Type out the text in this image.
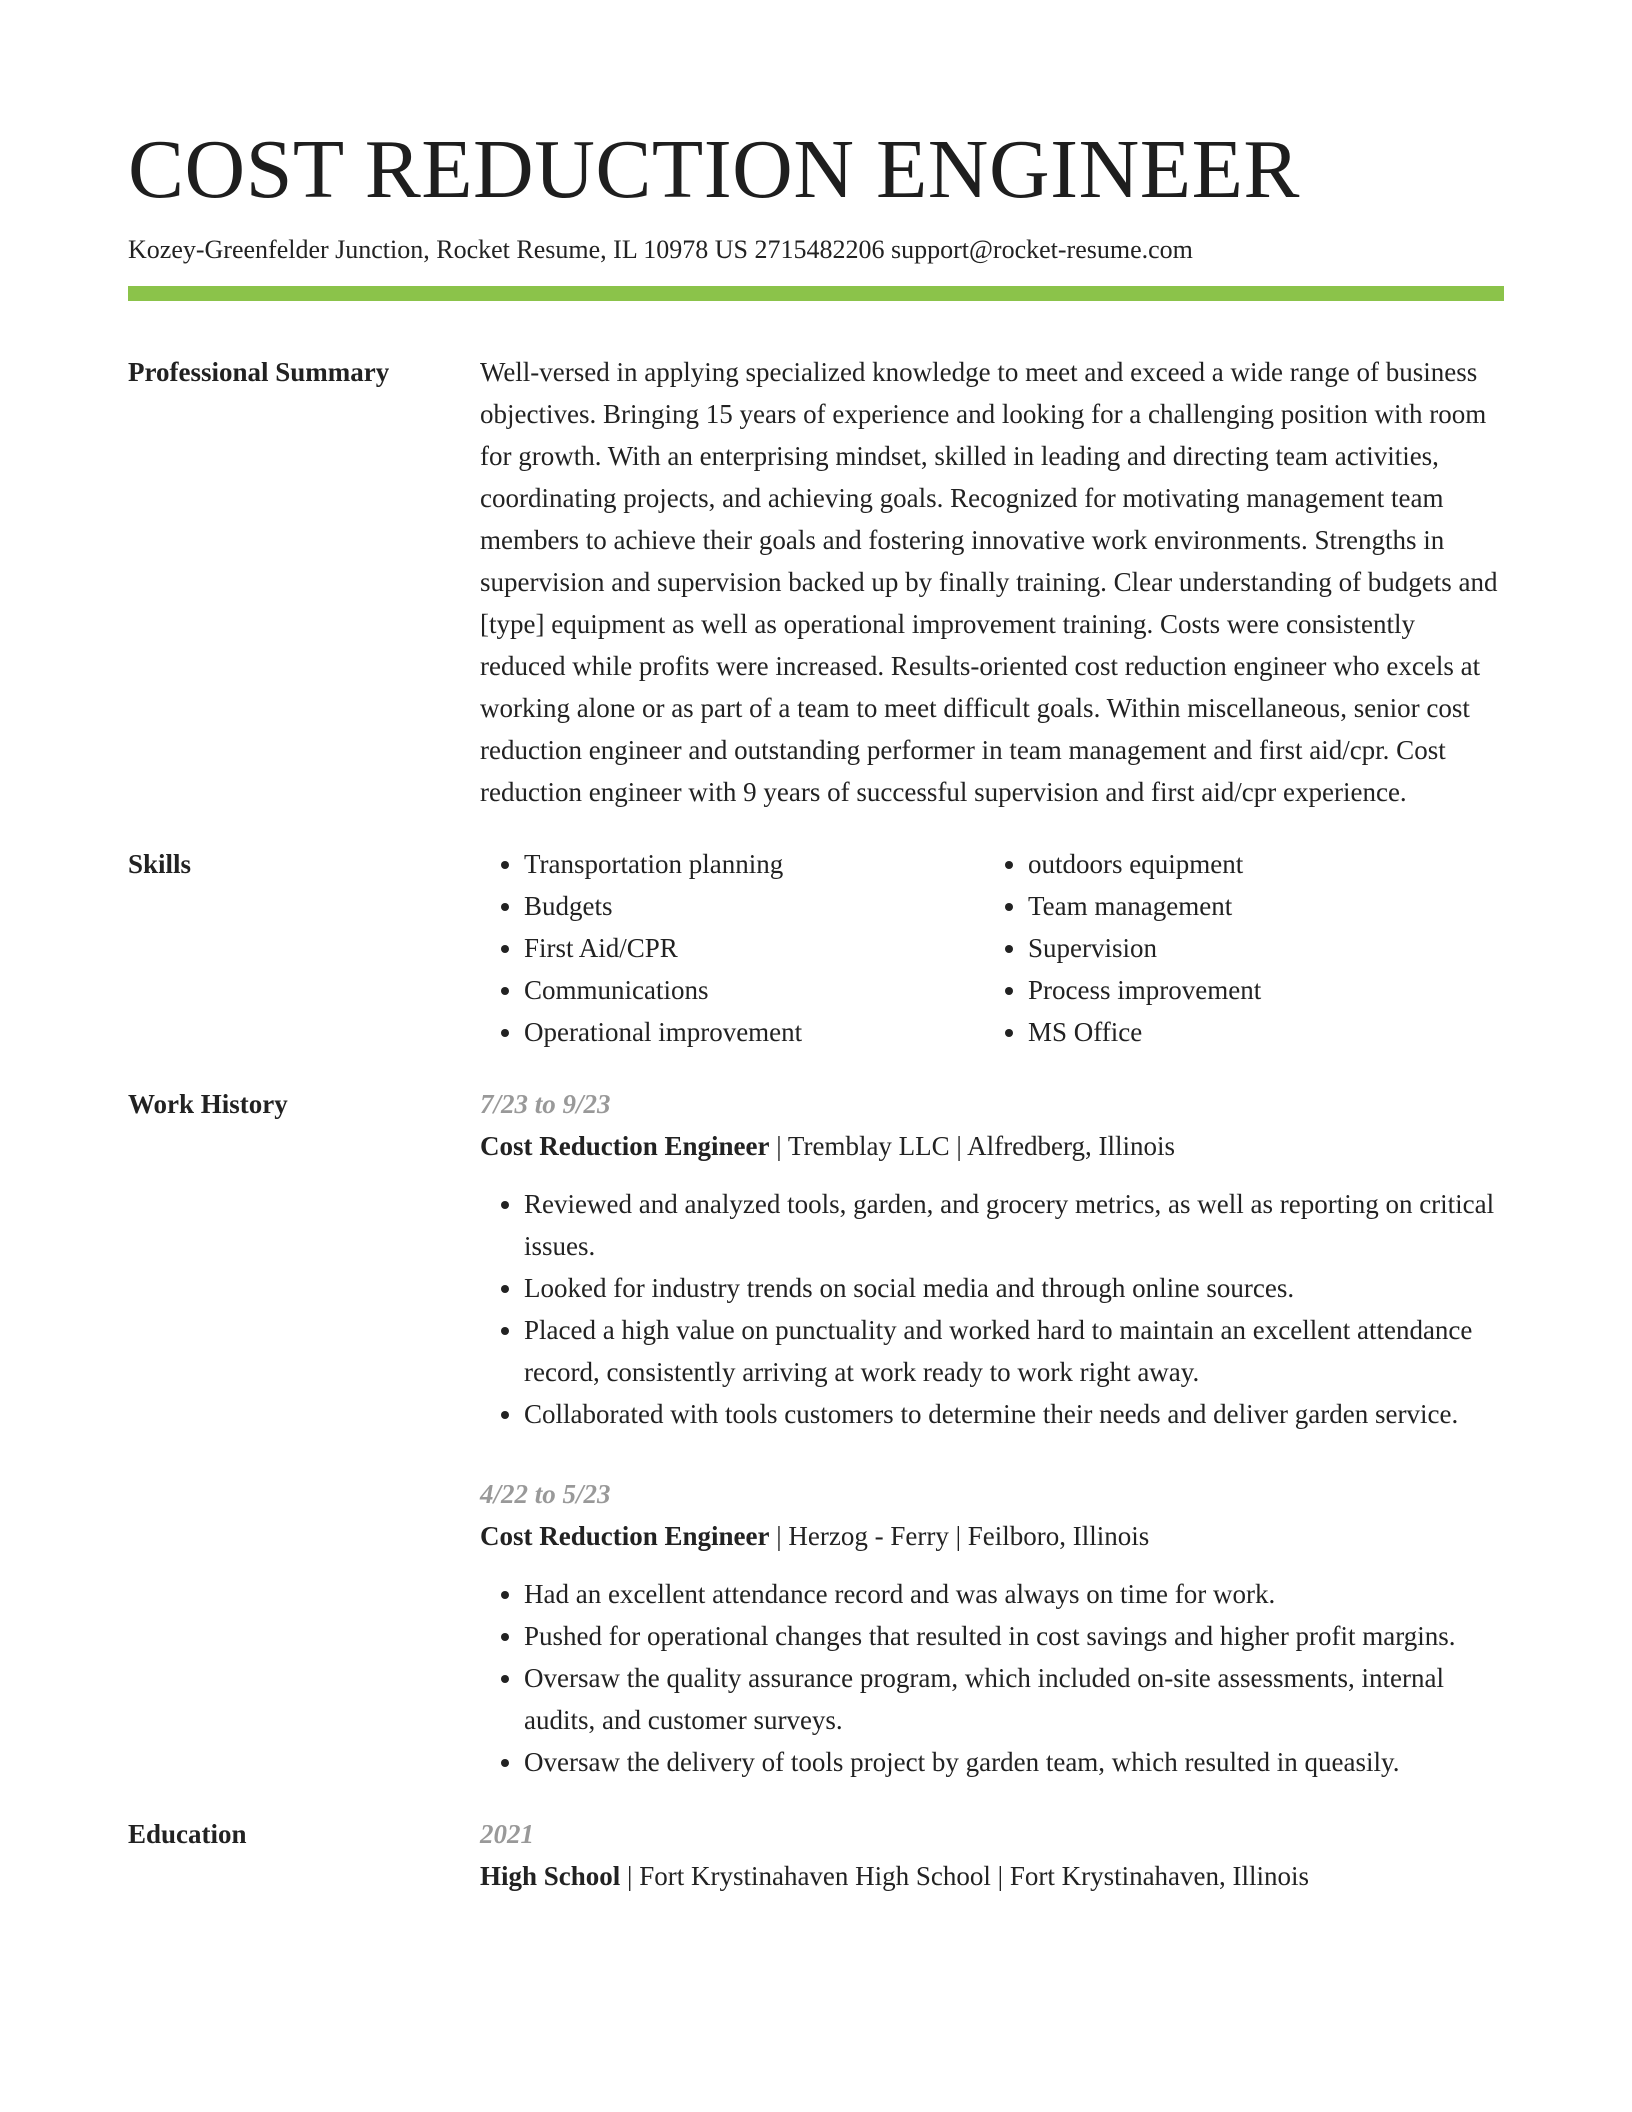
COST REDUCTION ENGINEER
Kozey-Greenfelder Junction, Rocket Resume, IL 10978 US 2715482206 support@rocket-resume.com
Professional Summary	Well-versed in applying specialized knowledge to meet and exceed a wide range of business objectives. Bringing 15 years of experience and looking for a challenging position with room for growth. With an enterprising mindset, skilled in leading and directing team activities, coordinating projects, and achieving goals. Recognized for motivating management team members to achieve their goals and fostering innovative work environments. Strengths in supervision and supervision backed up by finally training. Clear understanding of budgets and [type] equipment as well as operational improvement training. Costs were consistently reduced while profits were increased. Results-oriented cost reduction engineer who excels at working alone or as part of a team to meet difficult goals. Within miscellaneous, senior cost reduction engineer and outstanding performer in team management and first aid/cpr. Cost reduction engineer with 9 years of successful supervision and first aid/cpr experience.

Skills
•	Transportation planning
• Budgets
• First Aid/CPR
• Communications
• Operational improvement
• outdoors equipment
• Team management
• Supervision
• Process improvement
• MS Office
Work History	7/23 to 9/23
Cost Reduction Engineer | Tremblay LLC | Alfredberg, Illinois
• Reviewed and analyzed tools, garden, and grocery metrics, as well as reporting on critical issues.
• Looked for industry trends on social media and through online sources.
• Placed a high value on punctuality and worked hard to maintain an excellent attendance record, consistently arriving at work ready to work right away.
• Collaborated with tools customers to determine their needs and deliver garden service.
4/22 to 5/23
Cost Reduction Engineer | Herzog - Ferry | Feilboro, Illinois
• Had an excellent attendance record and was always on time for work.
• Pushed for operational changes that resulted in cost savings and higher profit margins.
• Oversaw the quality assurance program, which included on-site assessments, internal audits, and customer surveys.
• Oversaw the delivery of tools project by garden team, which resulted in queasily.
Education	2021
High School | Fort Krystinahaven High School | Fort Krystinahaven, Illinois
